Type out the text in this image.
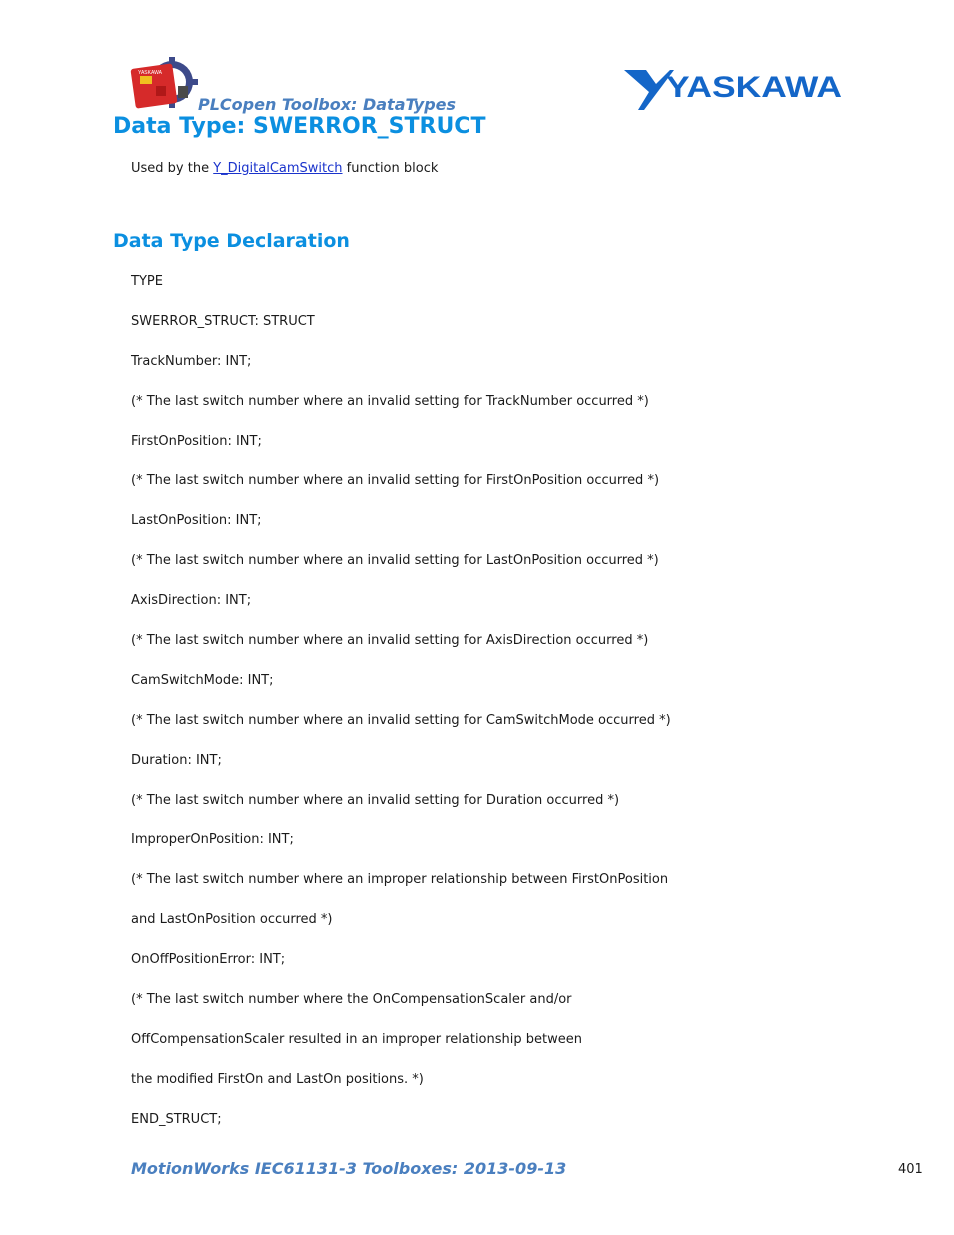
YASKAWA
PLCopen Toolbox: DataTypes
YASKAWA
Data Type: SWERROR_STRUCT
Used by the Y_DigitalCamSwitch function block
Data Type Declaration
TYPE
SWERROR_STRUCT: STRUCT
TrackNumber: INT;
(* The last switch number where an invalid setting for TrackNumber occurred *)
FirstOnPosition: INT;
(* The last switch number where an invalid setting for FirstOnPosition occurred *)
LastOnPosition: INT;
(* The last switch number where an invalid setting for LastOnPosition occurred *)
AxisDirection: INT;
(* The last switch number where an invalid setting for AxisDirection occurred *)
CamSwitchMode: INT;
(* The last switch number where an invalid setting for CamSwitchMode occurred *)
Duration: INT;
(* The last switch number where an invalid setting for Duration occurred *)
ImproperOnPosition: INT;
(* The last switch number where an improper relationship between FirstOnPosition
and LastOnPosition occurred *)
OnOffPositionError: INT;
(* The last switch number where the OnCompensationScaler and/or
OffCompensationScaler resulted in an improper relationship between
the modified FirstOn and LastOn positions. *)
END_STRUCT;
MotionWorks IEC61131-3 Toolboxes: 2013-09-13	401
